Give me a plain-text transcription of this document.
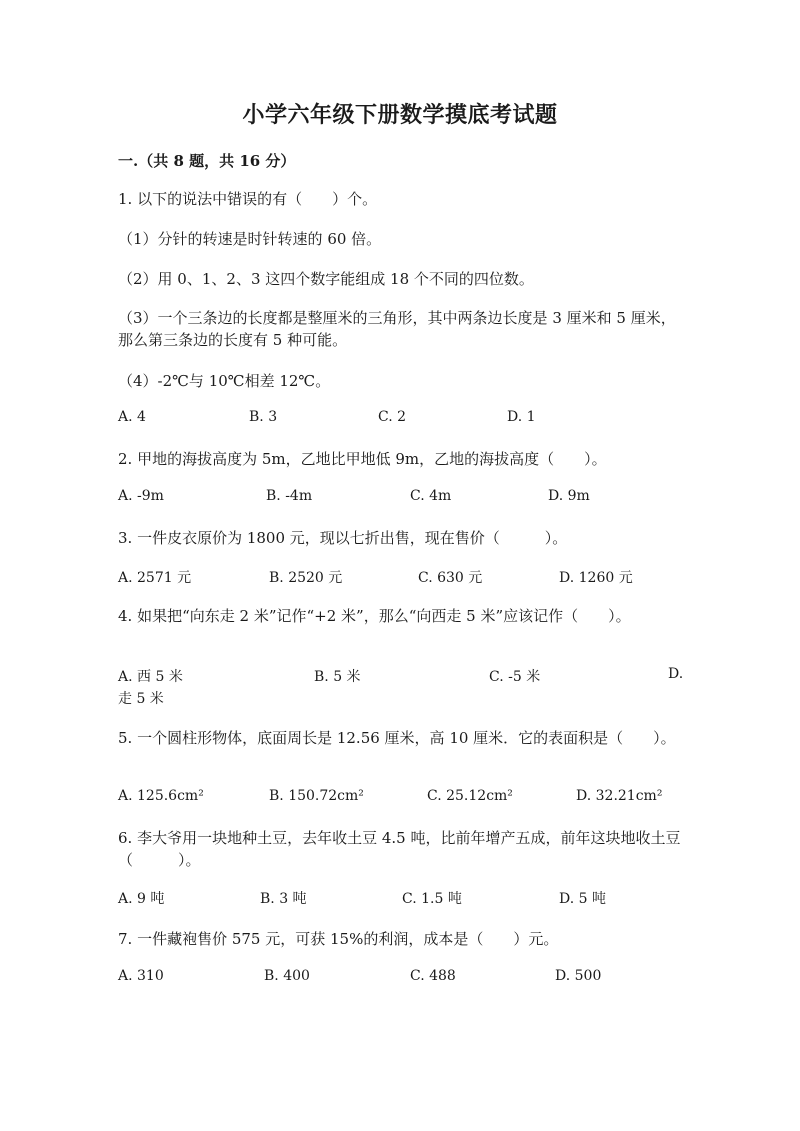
小学六年级下册数学摸底考试题
一.（共 8 题，共 16 分）
1. 以下的说法中错误的有（　　）个。
（1）分针的转速是时针转速的 60 倍。
（2）用 0、1、2、3 这四个数字能组成 18 个不同的四位数。
（3）一个三条边的长度都是整厘米的三角形，其中两条边长度是 3 厘米和 5 厘米，那么第三条边的长度有 5 种可能。
（4）-2℃与 10℃相差 12℃。
A. 4	B. 3	C. 2	D. 1
2. 甲地的海拔高度为 5m，乙地比甲地低 9m，乙地的海拔高度（　　）。
A. -9m	B. -4m	C. 4m	D. 9m
3. 一件皮衣原价为 1800 元，现以七折出售，现在售价（　　　）。
A. 2571 元	B. 2520 元	C. 630 元	D. 1260 元
4. 如果把“向东走 2 米”记作“+2 米”，那么“向西走 5 米”应该记作（　　）。
A. 西 5 米	B. 5 米	C. -5 米	D.
走 5 米
5. 一个圆柱形物体，底面周长是 12.56 厘米，高 10 厘米．它的表面积是（　　）。
A. 125.6cm²	B. 150.72cm²	C. 25.12cm²	D. 32.21cm²
6. 李大爷用一块地种土豆，去年收土豆 4.5 吨，比前年增产五成，前年这块地收土豆（　　　）。
A. 9 吨	B. 3 吨	C. 1.5 吨	D. 5 吨
7. 一件藏袍售价 575 元，可获 15%的利润，成本是（　　）元。
A. 310	B. 400	C. 488	D. 500
